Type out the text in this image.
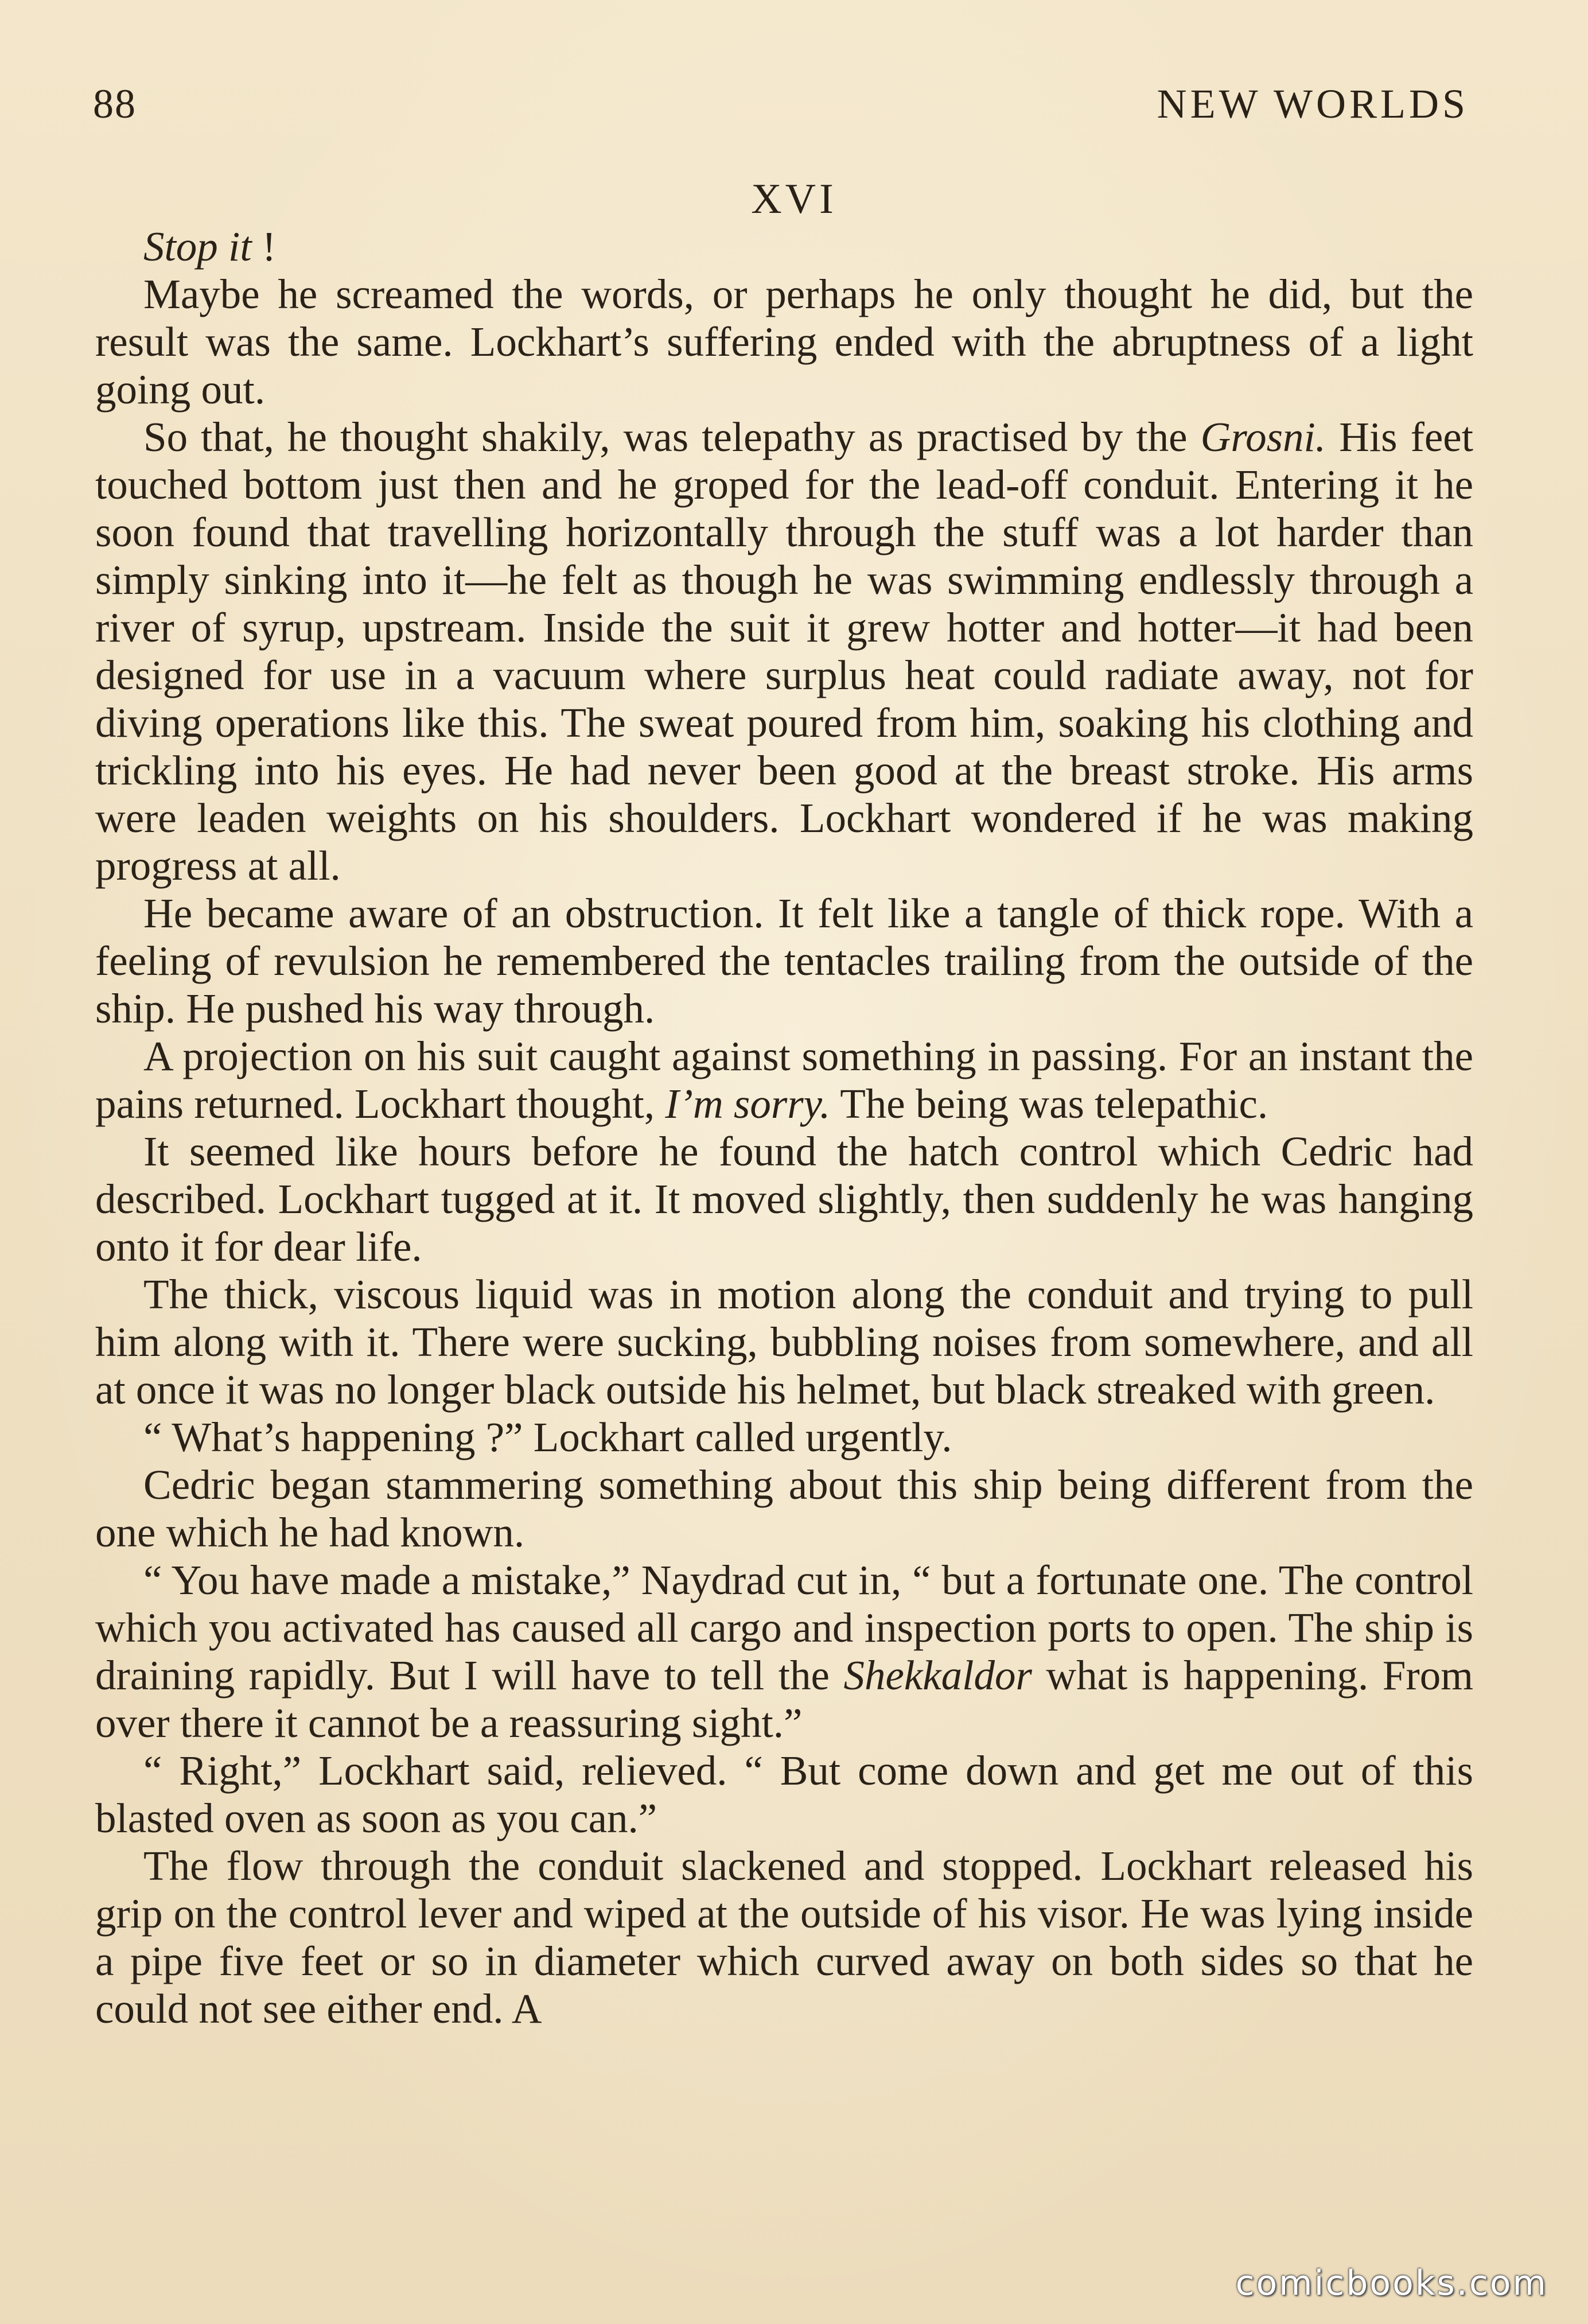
88	NEW WORLDS
XVI

Stop it !

Maybe he screamed the words, or perhaps he only thought he did, but the result was the same. Lockhart’s suffering ended with the abruptness of a light going out.

So that, he thought shakily, was telepathy as practised by the Grosni. His feet touched bottom just then and he groped for the lead-off conduit. Entering it he soon found that travelling horizontally through the stuff was a lot harder than simply sinking into it—he felt as though he was swimming endlessly through a river of syrup, upstream. Inside the suit it grew hotter and hotter—it had been designed for use in a vacuum where surplus heat could radiate away, not for diving operations like this. The sweat poured from him, soaking his clothing and trickling into his eyes. He had never been good at the breast stroke. His arms were leaden weights on his shoulders. Lockhart wondered if he was making progress at all.

He became aware of an obstruction. It felt like a tangle of thick rope. With a feeling of revulsion he remembered the tentacles trailing from the outside of the ship. He pushed his way through.

A projection on his suit caught against something in passing. For an instant the pains returned. Lockhart thought, I’m sorry. The being was telepathic.

It seemed like hours before he found the hatch control which Cedric had described. Lockhart tugged at it. It moved slightly, then suddenly he was hanging onto it for dear life.

The thick, viscous liquid was in motion along the conduit and trying to pull him along with it. There were sucking, bubbling noises from somewhere, and all at once it was no longer black outside his helmet, but black streaked with green.

“ What’s happening ?” Lockhart called urgently.

Cedric began stammering something about this ship being different from the one which he had known.

“ You have made a mistake,” Naydrad cut in, “ but a fortunate one. The control which you activated has caused all cargo and inspection ports to open. The ship is draining rapidly. But I will have to tell the Shekkaldor what is happening. From over there it cannot be a reassuring sight.”

“ Right,” Lockhart said, relieved. “ But come down and get me out of this blasted oven as soon as you can.”

The flow through the conduit slackened and stopped. Lockhart released his grip on the control lever and wiped at the outside of his visor. He was lying inside a pipe five feet or so in diameter which curved away on both sides so that he could not see either end. A

comicbooks.com
